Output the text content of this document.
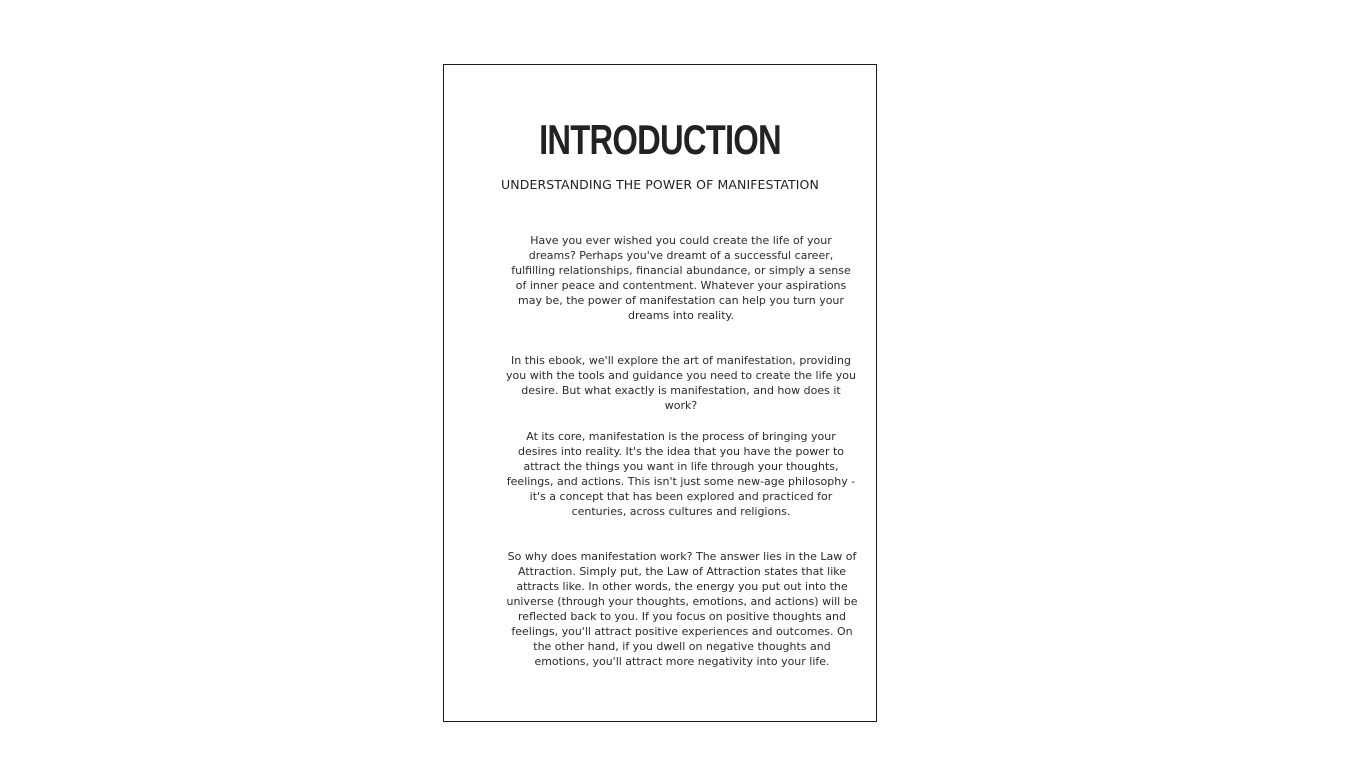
INTRODUCTION
UNDERSTANDING THE POWER OF MANIFESTATION

Have you ever wished you could create the life of your dreams? Perhaps you've dreamt of a successful career, fulfilling relationships, financial abundance, or simply a sense of inner peace and contentment. Whatever your aspirations may be, the power of manifestation can help you turn your dreams into reality.

In this ebook, we'll explore the art of manifestation, providing you with the tools and guidance you need to create the life you desire. But what exactly is manifestation, and how does it work?

At its core, manifestation is the process of bringing your desires into reality. It's the idea that you have the power to attract the things you want in life through your thoughts, feelings, and actions. This isn't just some new-age philosophy - it's a concept that has been explored and practiced for centuries, across cultures and religions.

So why does manifestation work? The answer lies in the Law of Attraction. Simply put, the Law of Attraction states that like attracts like. In other words, the energy you put out into the universe (through your thoughts, emotions, and actions) will be reflected back to you. If you focus on positive thoughts and feelings, you'll attract positive experiences and outcomes. On the other hand, if you dwell on negative thoughts and emotions, you'll attract more negativity into your life.
